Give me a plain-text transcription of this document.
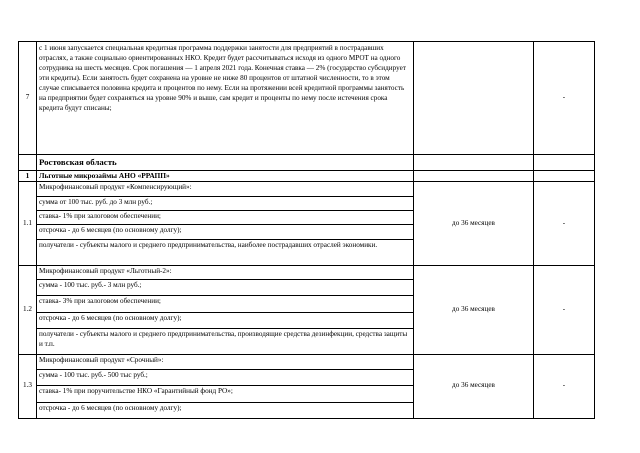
7	с 1 июня запускается специальная кредитная программа поддержки занятости для предприятий в пострадавших отраслях, а также социально ориентированных НКО. Кредит будет рассчитываться исходя из одного МРОТ на одного сотрудника на шесть месяцев. Срок погашения — 1 апреля 2021 года. Конечная ставка — 2% (государство субсидирует эти кредиты). Если занятость будет сохранена на уровне не ниже 80 процентов от штатной численности, то в этом случае списывается половина кредита и процентов по нему. Если на протяжении всей кредитной программы занятость на предприятии будет сохраняться на уровне 90% и выше, сам кредит и проценты по нему после истечения срока кредита будут списаны;		-
	Ростовская область		
1	Льготные микрозаймы АНО «РРАПП»		
1.1	Микрофинансовый продукт «Компенсирующий»:	до 36 месяцев	-
	сумма от 100 тыс. руб. до 3 млн руб.;		
	ставка- 1% при залоговом обеспечении;		
	отсрочка - до 6 месяцев (по основному долгу);		
	получатели - субъекты малого и среднего предпринимательства, наиболее пострадавших отраслей экономики.		
1.2	Микрофинансовый продукт «Льготный-2»:	до 36 месяцев	-
	сумма - 100 тыс. руб.- 3 млн руб.;		
	ставка- 3% при залоговом обеспечении;		
	отсрочка - до 6 месяцев (по основному долгу);		
	получатели - субъекты малого и среднего предпринимательства, производящие средства дезинфекции, средства защиты и т.п.		
1.3	Микрофинансовый продукт «Срочный»:	до 36 месяцев	-
	сумма - 100 тыс. руб.- 500 тыс руб.;		
	ставка- 1% при поручительстве НКО «Гарантийный фонд РО»;		
	отсрочка - до 6 месяцев (по основному долгу);		
